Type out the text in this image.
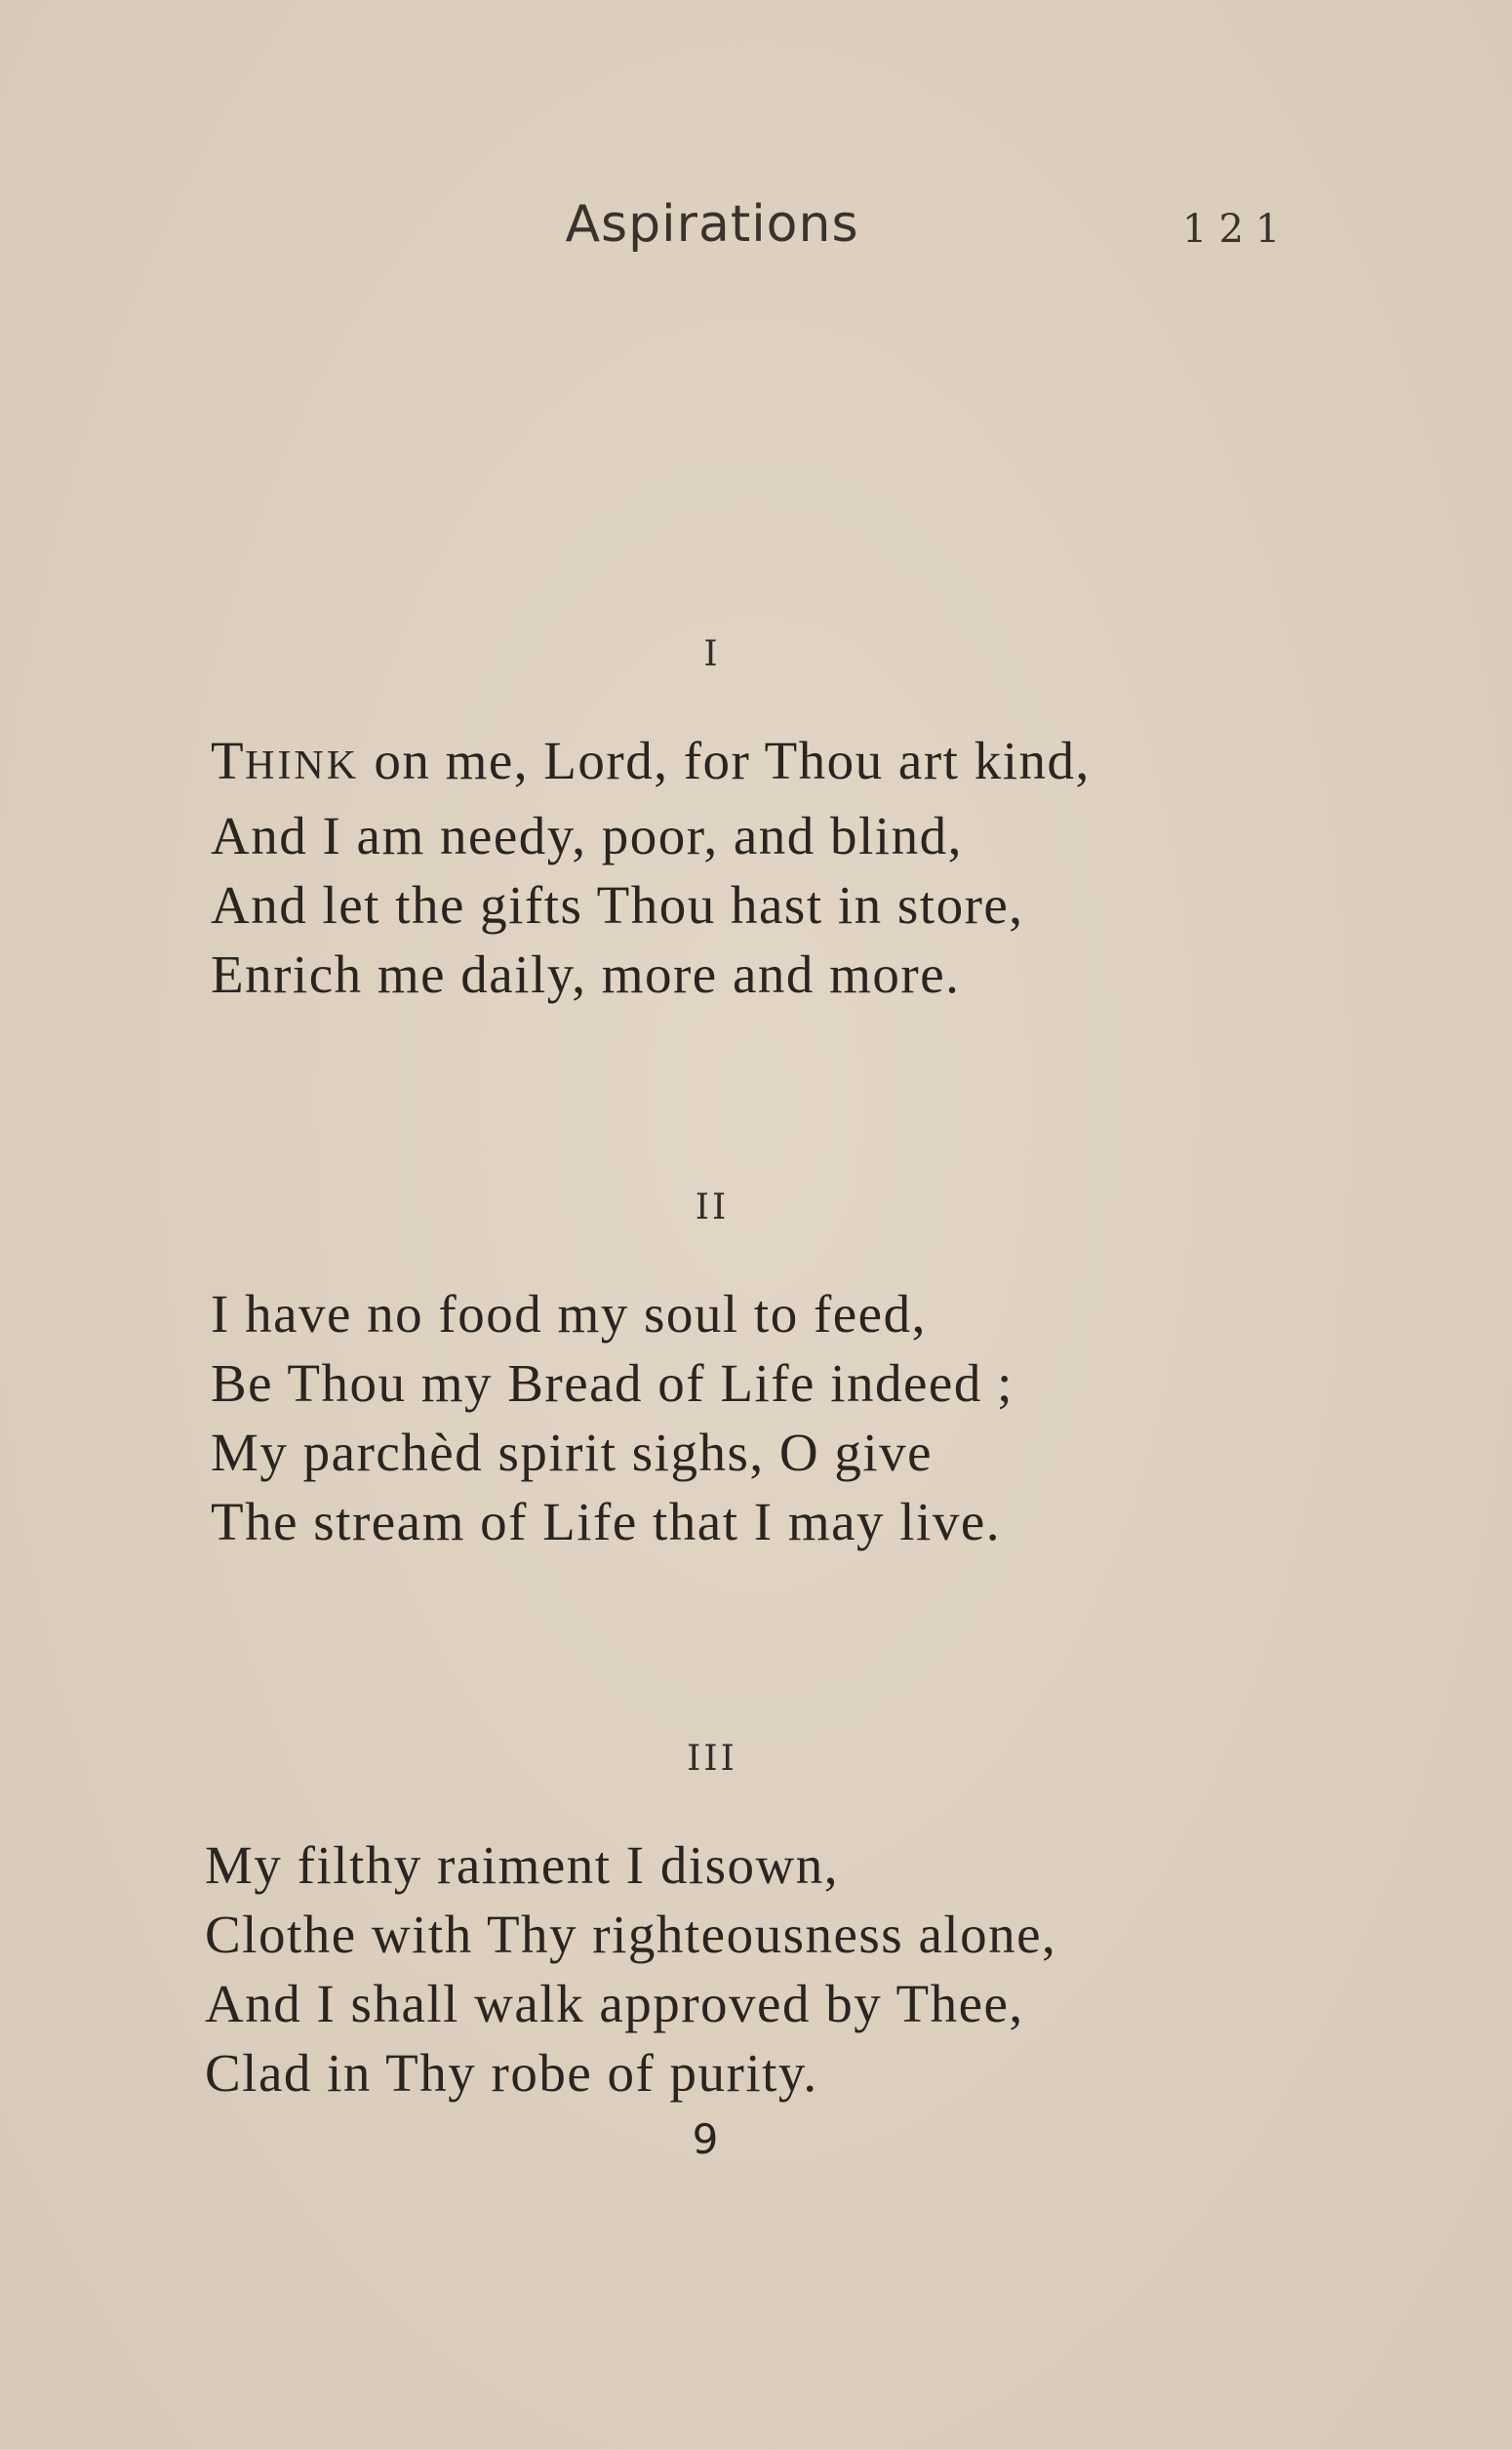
Aspirations	121
I
THINK on me, Lord, for Thou art kind,
And I am needy, poor, and blind,
And let the gifts Thou hast in store,
Enrich me daily, more and more.
II
I have no food my soul to feed,
Be Thou my Bread of Life indeed ;
My parchèd spirit sighs, O give
The stream of Life that I may live.
III
My filthy raiment I disown,
Clothe with Thy righteousness alone,
And I shall walk approved by Thee,
Clad in Thy robe of purity.
9
